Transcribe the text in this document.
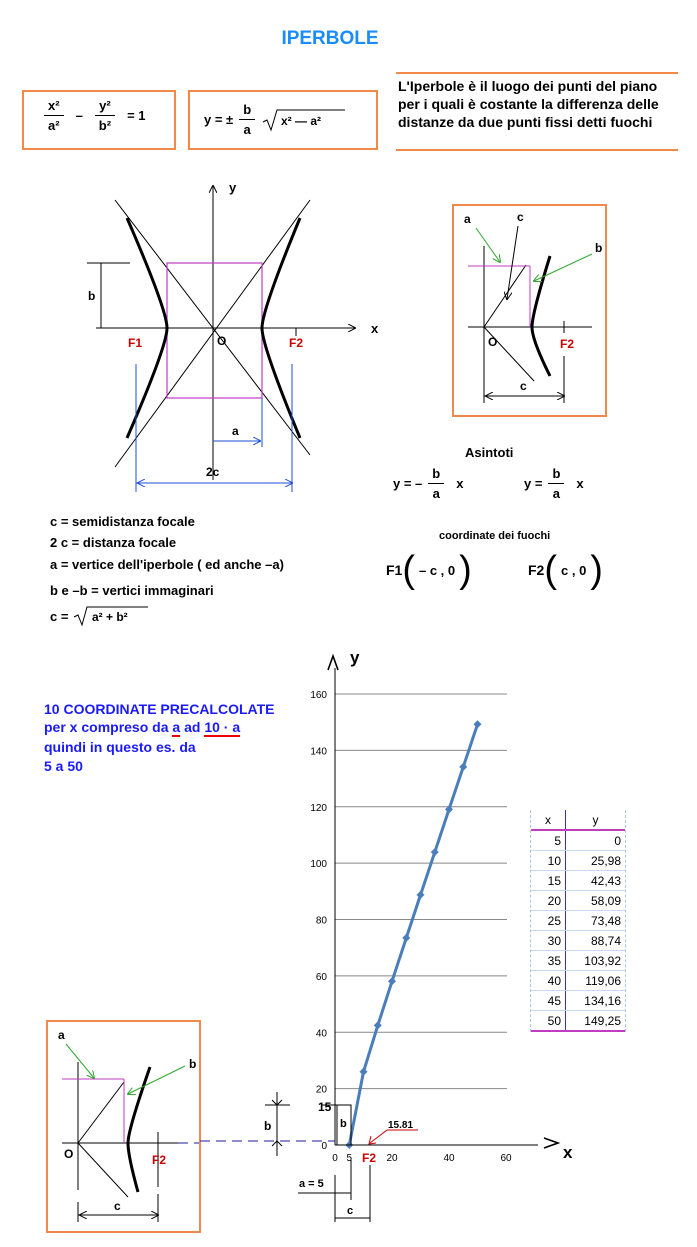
IPERBOLE
$\frac{\text{x²}}{\text{a²}} - \frac{\text{y²}}{\text{b²}} = 1$	y = ± $\frac{b}{a} x^2$ — a²
L'Iperbole è il luogo dei punti del piano per i quali è costante la differenza delle distanze da due punti fissi detti fuochi
y
x
b
F1	F2
O
a
2c
a	c
b
O	F2
c
Asintoti
y = – $\frac{b}{a}$ x	$y = \frac{b}{a}$ x
c = semidistanza focale
2 c = distanza focale
a = vertice dell'iperbole ( ed anche –a)
b e –b = vertici immaginari
c = a² + b²
coordinate dei fuochi
F1 ( – c , 0 )	F2 ( c , 0 )
10 COORDINATE PRECALCOLATE
per x compreso da a ad 10 · a
quindi in questo es. da
5 a 50
0
20
40
60
80
100
120
140
160
0 5	20	40	60
y
x
b
15
F2
15.81
a = 5
c
x	y
5	0
10	25,98
15	42,43
20	58,09
25	73,48
30	88,74
35	103,92
40	119,06
45	134,16
50	149,25
a
b
O	F2
c
b
